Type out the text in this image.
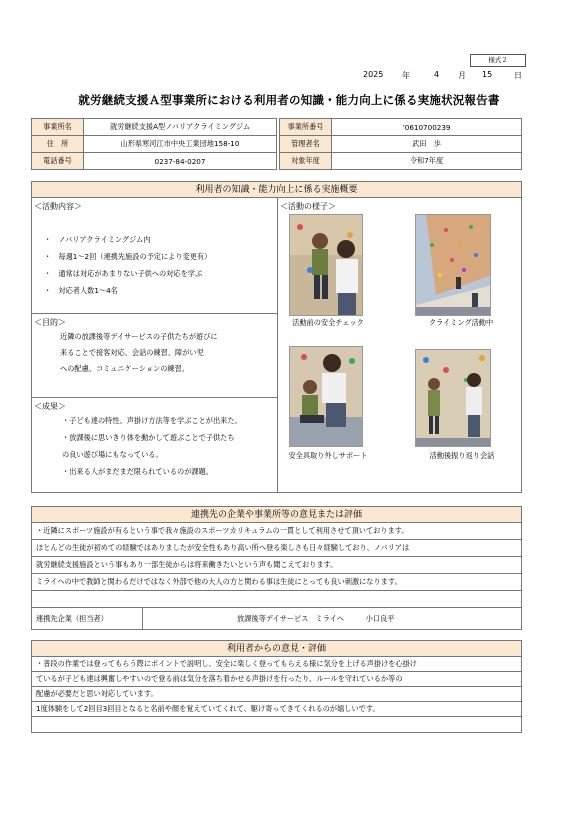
様式２
2025 年	4 月 15	日
就労継続支援Ａ型事業所における利用者の知識・能力向上に係る実施状況報告書
事業所名	就労継続支援A型ノバリアクライミングジム
住　所	山形県寒河江市中央工業団地158-10
電話番号	0237-84-0207
事業所番号	’0610700239
管理者名	武田　歩
対象年度	令和7年度
利用者の知識・能力向上に係る実施概要
＜活動内容＞
・　ノバリアクライミングジム内
・　毎週1～2回（連携先施設の予定により変更有）
・　通常は対応があまりない子供への対応を学ぶ
・　対応者人数1～4名
＜目的＞
近隣の放課後等デイサービスの子供たちが遊びに
来ることで接客対応、会話の練習、障がい児
への配慮、コミュニケーションの練習。
＜成果＞
・子ども達の特性、声掛け方法等を学ぶことが出来た。
・放課後に思いきり体を動かして遊ぶことで子供たち
の良い遊び場にもなっている。
・出来る人がまだまだ限られているのが課題。
＜活動の様子＞
活動前の安全チェック	クライミング活動中
安全具取り外しサポート	活動後振り返り会話
連携先の企業や事業所等の意見または評価
・近隣にスポーツ施設が有るという事で我々施設のスポーツカリキュラムの一貫として利用させて頂いております。
ほとんどの生徒が初めての経験ではありましたが安全性もあり高い所へ登る楽しさも日々経験しており、ノバリアは
就労継続支援施設という事もあり一部生徒からは将来働きたいという声も聞こえております。
ミライヘの中で教師と関わるだけではなく外部で他の大人の方と関わる事は生徒にとっても良い刺激になります。
連携先企業（担当者）	放課後等デイサービス　ミライヘ　　　小口良平
利用者からの意見・評価
・普段の作業では登ってもらう際にポイントで説明し、安全に楽しく登ってもらえる様に気分を上げる声掛けを心掛け
ているが子ども達は興奮しやすいので登る前は気分を落ち着かせる声掛けを行ったり、ルールを守れているか等の
配慮が必要だと思い対応しています。
1度体験をして2回目3回目となると名前や顔を覚えていてくれて、駆け寄ってきてくれるのが嬉しいです。
